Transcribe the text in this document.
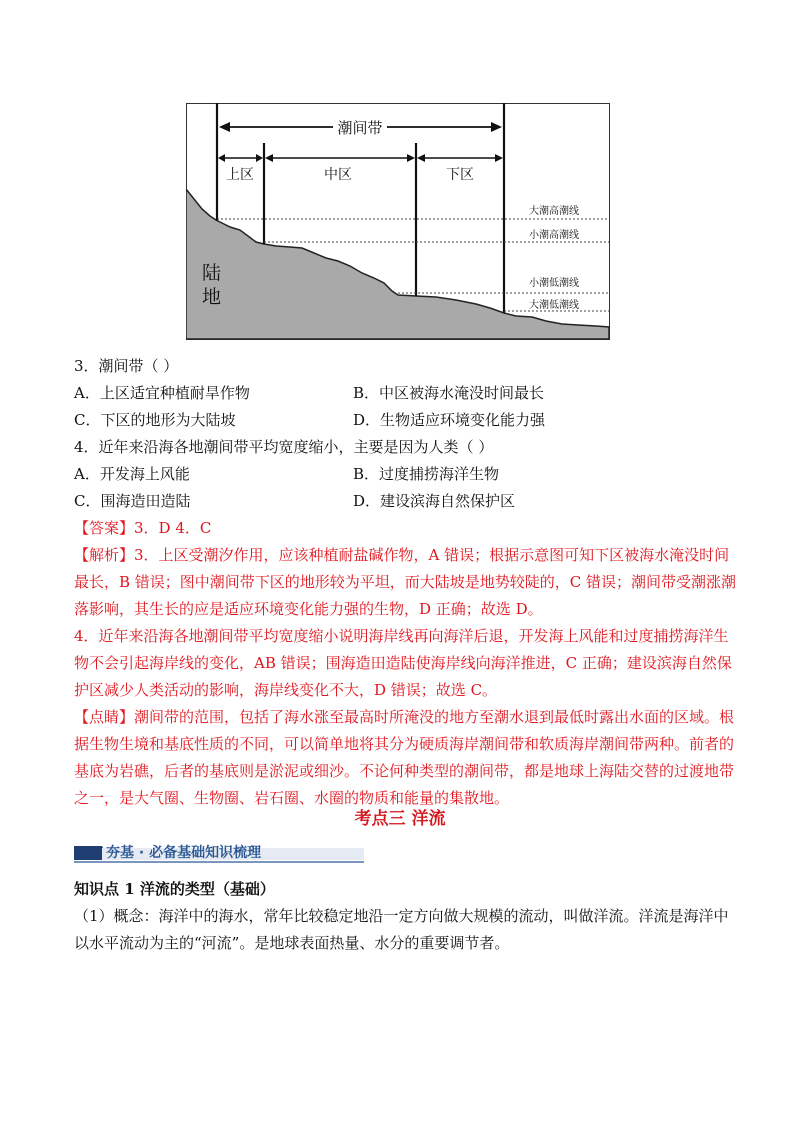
潮间带
上区	中区	下区
陆
地
大潮高潮线
小潮高潮线
小潮低潮线
大潮低潮线
3．潮间带（ ）
A．上区适宜种植耐旱作物	B．中区被海水淹没时间最长
C．下区的地形为大陆坡	D．生物适应环境变化能力强
4．近年来沿海各地潮间带平均宽度缩小，主要是因为人类（ ）
A．开发海上风能	B．过度捕捞海洋生物
C．围海造田造陆	D．建设滨海自然保护区
【答案】3．D 4．C
【解析】3．上区受潮汐作用，应该种植耐盐碱作物，A 错误；根据示意图可知下区被海水淹没时间
最长，B 错误；图中潮间带下区的地形较为平坦，而大陆坡是地势较陡的，C 错误；潮间带受潮涨潮
落影响，其生长的应是适应环境变化能力强的生物，D 正确；故选 D。
4．近年来沿海各地潮间带平均宽度缩小说明海岸线再向海洋后退，开发海上风能和过度捕捞海洋生
物不会引起海岸线的变化，AB 错误；围海造田造陆使海岸线向海洋推进，C 正确；建设滨海自然保
护区减少人类活动的影响，海岸线变化不大，D 错误；故选 C。
【点睛】潮间带的范围，包括了海水涨至最高时所淹没的地方至潮水退到最低时露出水面的区域。根
据生物生境和基底性质的不同，可以简单地将其分为硬质海岸潮间带和软质海岸潮间带两种。前者的
基底为岩礁，后者的基底则是淤泥或细沙。不论何种类型的潮间带，都是地球上海陆交替的过渡地带
之一，是大气圈、生物圈、岩石圈、水圈的物质和能量的集散地。
考点三 洋流
夯基 · 必备基础知识梳理
知识点 1 洋流的类型（基础）
（1）概念：海洋中的海水，常年比较稳定地沿一定方向做大规模的流动，叫做洋流。洋流是海洋中
以水平流动为主的“河流”。是地球表面热量、水分的重要调节者。
